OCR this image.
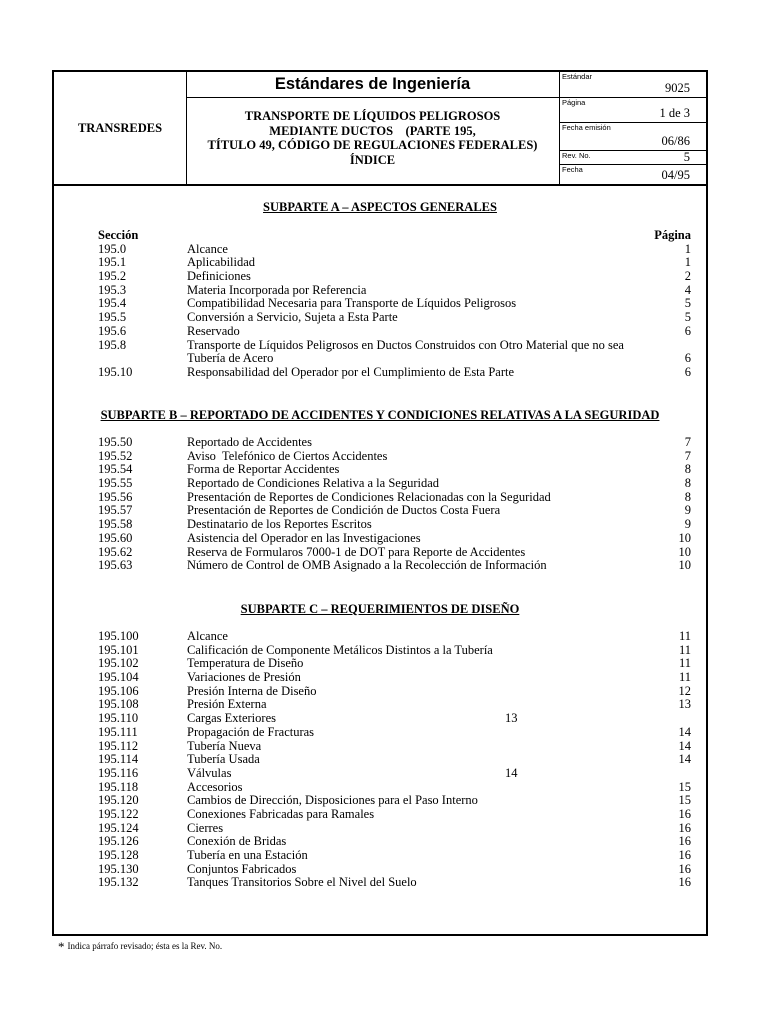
TRANSREDES
Estándares de Ingeniería
TRANSPORTE DE LÍQUIDOS PELIGROSOS
MEDIANTE DUCTOS    (PARTE 195,
TÍTULO 49, CÓDIGO DE REGULACIONES FEDERALES)
ÍNDICE
Estándar
9025
Página
1 de 3
Fecha emisión
06/86
Rev. No.	5
Fecha	04/95
SUBPARTE A – ASPECTOS GENERALES
Sección	Página
195.0	Alcance	1
195.1	Aplicabilidad	1
195.2	Definiciones	2
195.3	Materia Incorporada por Referencia	4
195.4	Compatibilidad Necesaria para Transporte de Líquidos Peligrosos	5
195.5	Conversión a Servicio, Sujeta a Esta Parte	5
195.6	Reservado	6
195.8	Transporte de Líquidos Peligrosos en Ductos Construidos con Otro Material que no sea
Tubería de Acero	6
195.10	Responsabilidad del Operador por el Cumplimiento de Esta Parte	6
SUBPARTE B – REPORTADO DE ACCIDENTES Y CONDICIONES RELATIVAS A LA SEGURIDAD
195.50	Reportado de Accidentes	7
195.52	Aviso  Telefónico de Ciertos Accidentes	7
195.54	Forma de Reportar Accidentes	8
195.55	Reportado de Condiciones Relativa a la Seguridad	8
195.56	Presentación de Reportes de Condiciones Relacionadas con la Seguridad	8
195.57	Presentación de Reportes de Condición de Ductos Costa Fuera	9
195.58	Destinatario de los Reportes Escritos	9
195.60	Asistencia del Operador en las Investigaciones	10
195.62	Reserva de Formularos 7000-1 de DOT para Reporte de Accidentes	10
195.63	Número de Control de OMB Asignado a la Recolección de Información	10
SUBPARTE C – REQUERIMIENTOS DE DISEÑO
195.100	Alcance	11
195.101	Calificación de Componente Metálicos Distintos a la Tubería	11
195.102	Temperatura de Diseño	11
195.104	Variaciones de Presión	11
195.106	Presión Interna de Diseño	12
195.108	Presión Externa	13
195.110	Cargas Exteriores	13
195.111	Propagación de Fracturas	14
195.112	Tubería Nueva	14
195.114	Tubería Usada	14
195.116	Válvulas	14
195.118	Accesorios	15
195.120	Cambios de Dirección, Disposiciones para el Paso Interno	15
195.122	Conexiones Fabricadas para Ramales	16
195.124	Cierres	16
195.126	Conexión de Bridas	16
195.128	Tubería en una Estación	16
195.130	Conjuntos Fabricados	16
195.132	Tanques Transitorios Sobre el Nivel del Suelo	16
* Indica párrafo revisado; ésta es la Rev. No.
